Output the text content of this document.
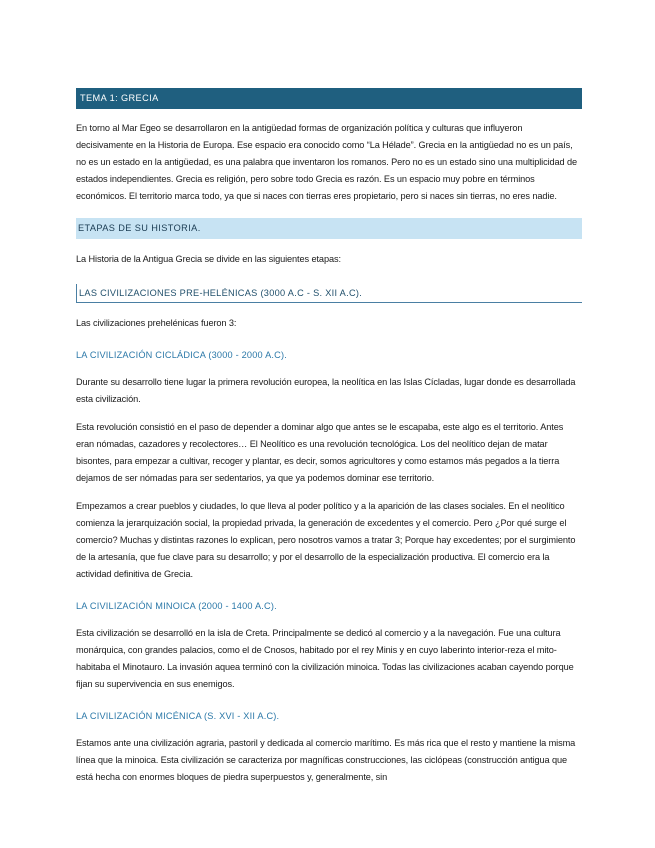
TEMA 1: GRECIA

En torno al Mar Egeo se desarrollaron en la antigüedad formas de organización política y culturas que influyeron decisivamente en la Historia de Europa. Ese espacio era conocido como “La Hélade”. Grecia en la antigüedad no es un país, no es un estado en la antigüedad, es una palabra que inventaron los romanos. Pero no es un estado sino una multiplicidad de estados independientes. Grecia es religión, pero sobre todo Grecia es razón. Es un espacio muy pobre en términos económicos. El territorio marca todo, ya que si naces con tierras eres propietario, pero si naces sin tierras, no eres nadie.

ETAPAS DE SU HISTORIA.

La Historia de la Antigua Grecia se divide en las siguientes etapas:

LAS CIVILIZACIONES PRE-HELÉNICAS (3000 A.C - S. XII A.C).

Las civilizaciones prehelénicas fueron 3:

LA CIVILIZACIÓN CICLÁDICA (3000 - 2000 A.C).

Durante su desarrollo tiene lugar la primera revolución europea, la neolítica en las Islas Cícladas, lugar donde es desarrollada esta civilización.

Esta revolución consistió en el paso de depender a dominar algo que antes se le escapaba, este algo es el territorio. Antes eran nómadas, cazadores y recolectores… El Neolítico es una revolución tecnológica. Los del neolítico dejan de matar bisontes, para empezar a cultivar, recoger y plantar, es decir, somos agricultores y como estamos más pegados a la tierra dejamos de ser nómadas para ser sedentarios, ya que ya podemos dominar ese territorio.

Empezamos a crear pueblos y ciudades, lo que lleva al poder político y a la aparición de las clases sociales. En el neolítico comienza la jerarquización social, la propiedad privada, la generación de excedentes y el comercio. Pero ¿Por qué surge el comercio? Muchas y distintas razones lo explican, pero nosotros vamos a tratar 3; Porque hay excedentes; por el surgimiento de la artesanía, que fue clave para su desarrollo; y por el desarrollo de la especialización productiva. El comercio era la actividad definitiva de Grecia.

LA CIVILIZACIÓN MINOICA (2000 - 1400 A.C).

Esta civilización se desarrolló en la isla de Creta. Principalmente se dedicó al comercio y a la navegación. Fue una cultura monárquica, con grandes palacios, como el de Cnosos, habitado por el rey Minis y en cuyo laberinto interior-reza el mito- habitaba el Minotauro. La invasión aquea terminó con la civilización minoica. Todas las civilizaciones acaban cayendo porque fijan su supervivencia en sus enemigos.

LA CIVILIZACIÓN MICÉNICA (S. XVI - XII A.C).

Estamos ante una civilización agraria, pastoril y dedicada al comercio marítimo. Es más rica que el resto y mantiene la misma línea que la minoica. Esta civilización se caracteriza por magníficas construcciones, las ciclópeas (construcción antigua que está hecha con enormes bloques de piedra superpuestos y, generalmente, sin
